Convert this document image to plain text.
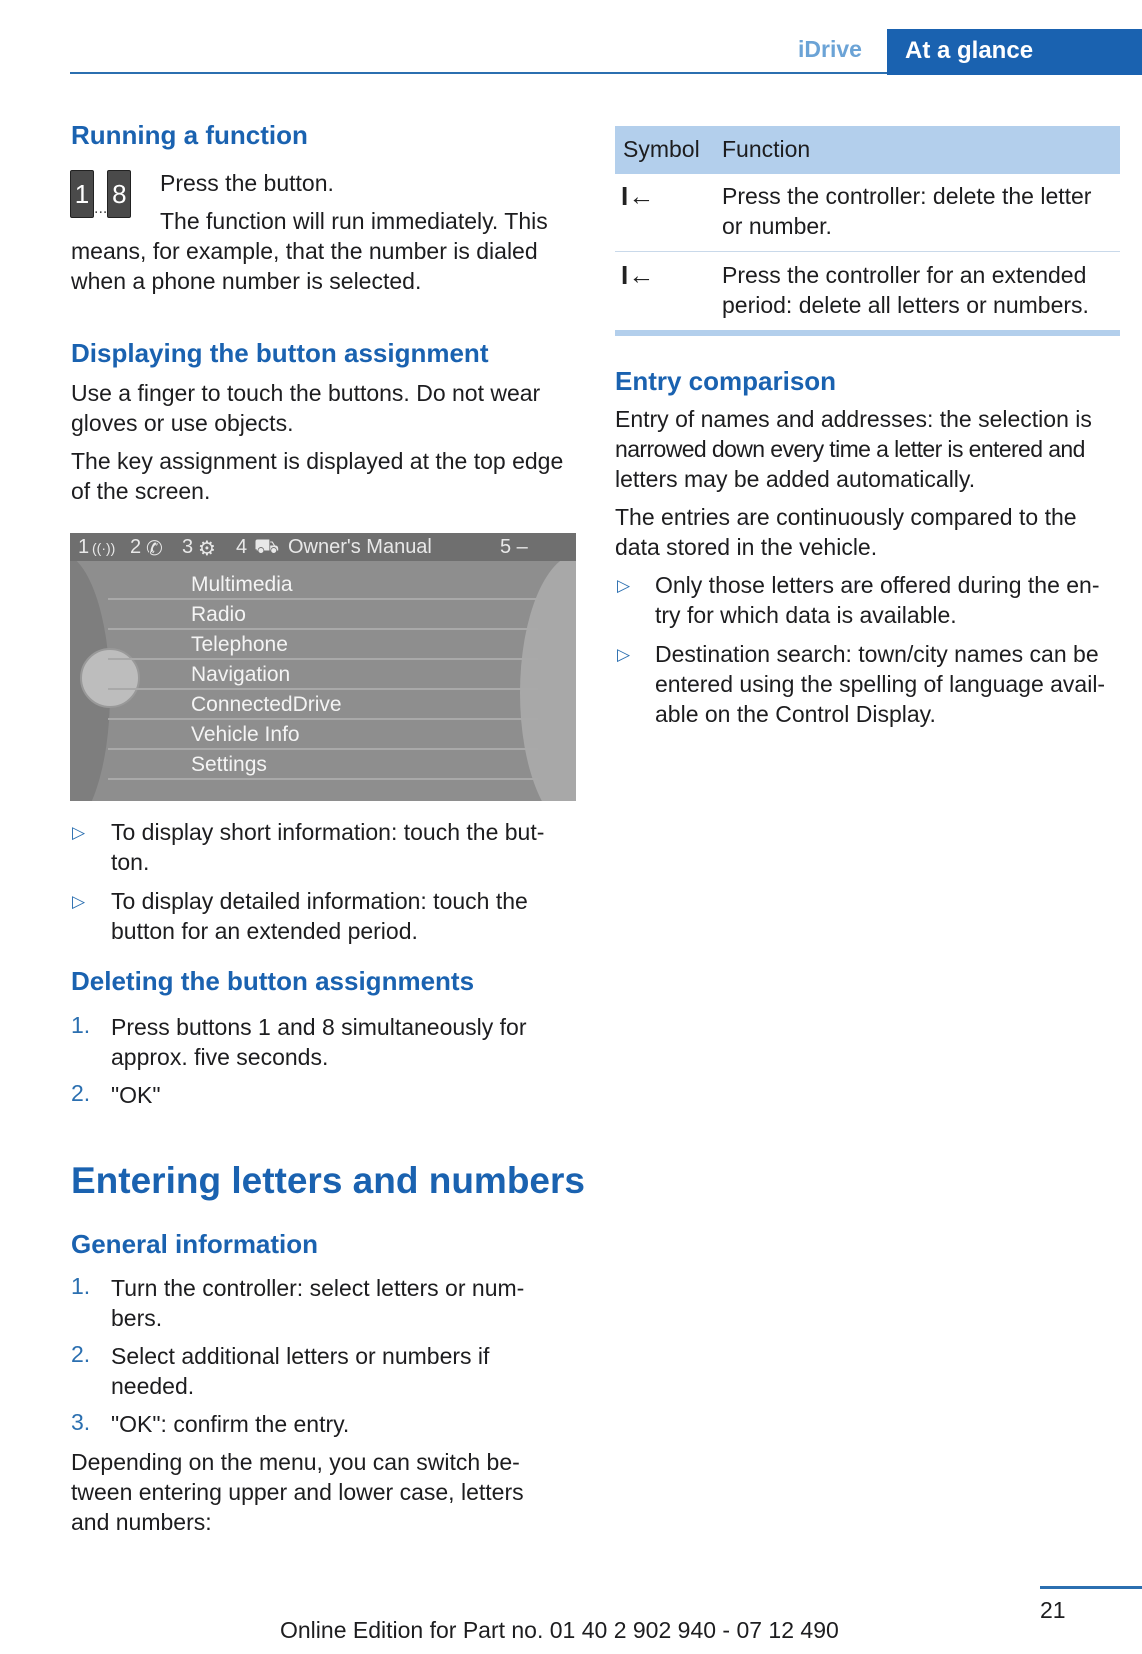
iDrive At a glance
Running a function
1 ... 8 Press the button.
The function will run immediately. This
means, for example, that the number is dialed
when a phone number is selected.
Displaying the button assignment
Use a finger to touch the buttons. Do not wear
gloves or use objects.
The key assignment is displayed at the top edge
of the screen.
1 ((·)) 2 ✆ 3 ⚙ 4 ⛟ Owner's Manual	5 –
Multimedia
Radio
Telephone
Navigation
ConnectedDrive
Vehicle Info
Settings
▷ To display short information: touch the but-
ton.
▷ To display detailed information: touch the
button for an extended period.
Deleting the button assignments
1. Press buttons 1 and 8 simultaneously for
approx. five seconds.
2. "OK"
Entering letters and numbers
General information
1. Turn the controller: select letters or num-
bers.
2. Select additional letters or numbers if
needed.
3. "OK": confirm the entry.
Depending on the menu, you can switch be-
tween entering upper and lower case, letters
and numbers:
Symbol Function
I←	Press the controller: delete the letter
or number.
I←	Press the controller for an extended
period: delete all letters or numbers.
Entry comparison
Entry of names and addresses: the selection is
narrowed down every time a letter is entered and
letters may be added automatically.
The entries are continuously compared to the
data stored in the vehicle.
▷ Only those letters are offered during the en-
try for which data is available.
▷ Destination search: town/city names can be
entered using the spelling of language avail-
able on the Control Display.
21
Online Edition for Part no. 01 40 2 902 940 - 07 12 490
